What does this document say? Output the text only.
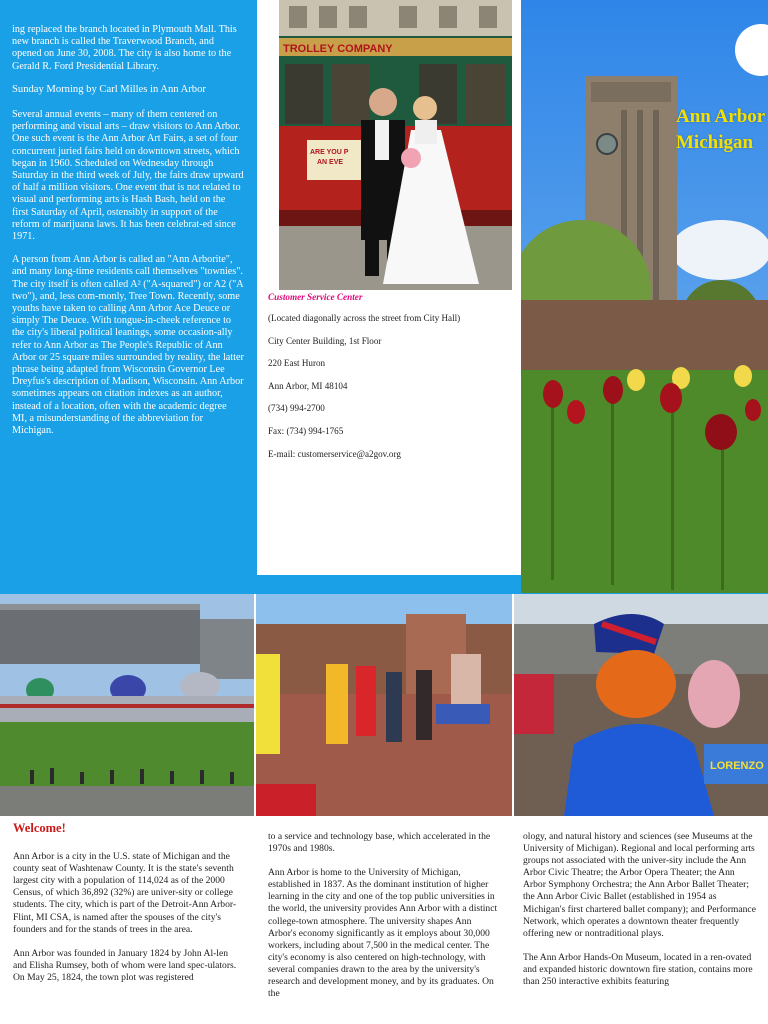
ing replaced the branch located in Plymouth Mall. This new branch is called the Traverwood Branch, and opened on June 30, 2008. The city is also home to the Gerald R. Ford Presidential Library.

Sunday Morning by Carl Milles in Ann Arbor

Several annual events – many of them centered on performing and visual arts – draw visitors to Ann Arbor. One such event is the Ann Arbor Art Fairs, a set of four concurrent juried fairs held on downtown streets, which began in 1960. Scheduled on Wednesday through Saturday in the third week of July, the fairs draw upward of half a million visitors. One event that is not related to visual and performing arts is Hash Bash, held on the first Saturday of April, ostensibly in support of the reform of marijuana laws. It has been celebrat-ed since 1971.

A person from Ann Arbor is called an "Ann Arborite", and many long-time residents call themselves "townies". The city itself is often called A² ("A-squared") or A2 ("A two"), and, less com-monly, Tree Town. Recently, some youths have taken to calling Ann Arbor Ace Deuce or simply The Deuce. With tongue-in-cheek reference to the city's liberal political leanings, some occasion-ally refer to Ann Arbor as The People's Republic of Ann Arbor or 25 square miles surrounded by reality, the latter phrase being adapted from Wisconsin Governor Lee Dreyfus's description of Madison, Wisconsin. Ann Arbor sometimes appears on citation indexes as an author, instead of a location, often with the academic degree MI, a misunderstanding of the abbreviation for Michigan.

TROLLEY COMPANY
ARE YOU P
AN EVE
Customer Service Center

(Located diagonally across the street from City Hall)

City Center Building, 1st Floor

220 East Huron

Ann Arbor, MI 48104

(734) 994-2700

Fax: (734) 994-1765

E-mail: customerservice@a2gov.org

Ann Arbor
Michigan
LORENZO
Welcome!

Ann Arbor is a city in the U.S. state of Michigan and the county seat of Washtenaw County. It is the state's seventh largest city with a population of 114,024 as of the 2000 Census, of which 36,892 (32%) are univer-sity or college students. The city, which is part of the Detroit-Ann Arbor-Flint, MI CSA, is named after the spouses of the city's founders and for the stands of trees in the area.

Ann Arbor was founded in January 1824 by John Al-len and Elisha Rumsey, both of whom were land spec-ulators. On May 25, 1824, the town plot was registered

to a service and technology base, which accelerated in the 1970s and 1980s.

Ann Arbor is home to the University of Michigan, established in 1837. As the dominant institution of higher learning in the city and one of the top public universities in the world, the university provides Ann Arbor with a distinct college-town atmosphere. The university shapes Ann Arbor's economy significantly as it employs about 30,000 workers, including about 7,500 in the medical center. The city's economy is also centered on high-technology, with several companies drawn to the area by the university's research and development money, and by its graduates. On the

ology, and natural history and sciences (see Museums at the University of Michigan). Regional and local performing arts groups not associated with the univer-sity include the Ann Arbor Civic Theatre; the Arbor Opera Theater; the Ann Arbor Symphony Orchestra; the Ann Arbor Ballet Theater; the Ann Arbor Civic Ballet (established in 1954 as Michigan's first chartered ballet company); and Performance Network, which operates a downtown theater frequently offering new or nontraditional plays.

The Ann Arbor Hands-On Museum, located in a ren-ovated and expanded historic downtown fire station, contains more than 250 interactive exhibits featuring
